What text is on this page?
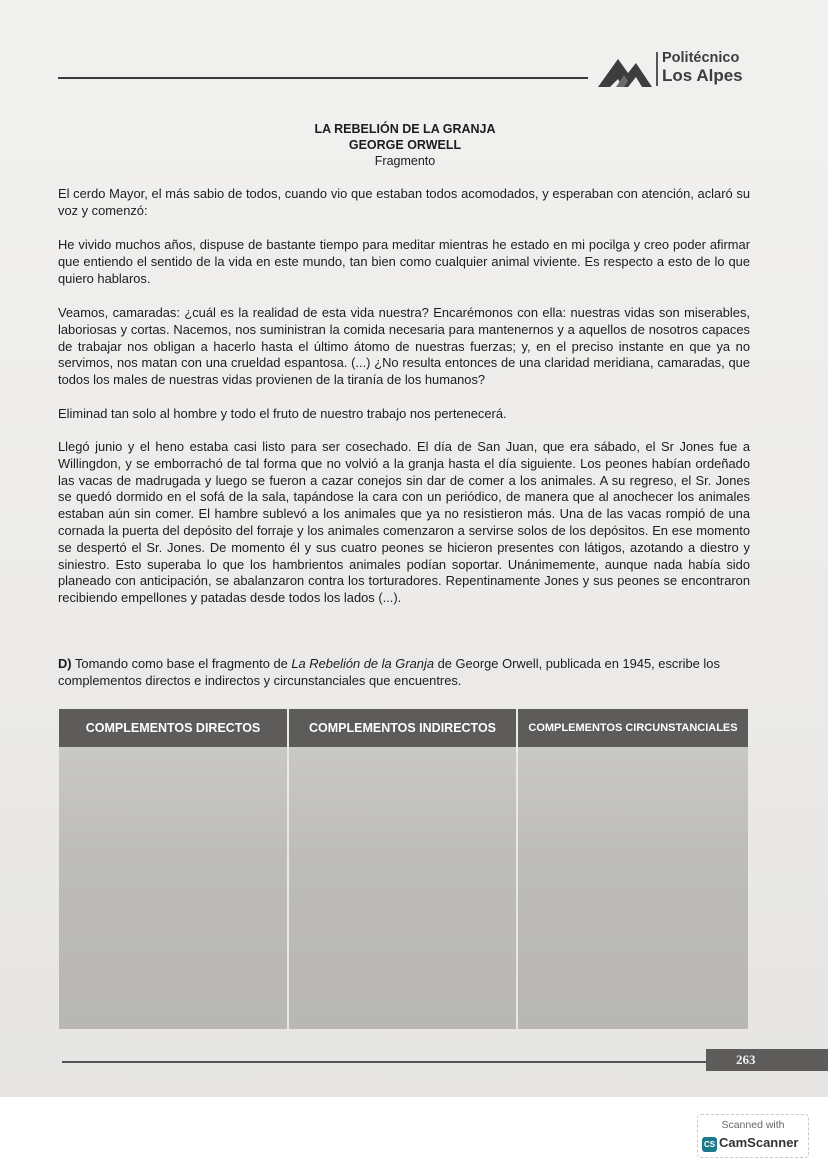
Politécnico
Los Alpes
LA REBELIÓN DE LA GRANJA
GEORGE ORWELL
Fragmento

El cerdo Mayor, el más sabio de todos, cuando vio que estaban todos acomodados, y esperaban con atención, aclaró su voz y comenzó:

He vivido muchos años, dispuse de bastante tiempo para meditar mientras he estado en mi pocilga y creo poder afirmar que entiendo el sentido de la vida en este mundo, tan bien como cualquier animal viviente. Es respecto a esto de lo que quiero hablaros.

Veamos, camaradas: ¿cuál es la realidad de esta vida nuestra? Encarémonos con ella: nuestras vidas son miserables, laboriosas y cortas. Nacemos, nos suministran la comida necesaria para mantenernos y a aquellos de nosotros capaces de trabajar nos obligan a hacerlo hasta el último átomo de nuestras fuerzas; y, en el preciso instante en que ya no servimos, nos matan con una crueldad espantosa. (...) ¿No resulta entonces de una claridad meridiana, camaradas, que todos los males de nuestras vidas provienen de la tiranía de los humanos?

Eliminad tan solo al hombre y todo el fruto de nuestro trabajo nos pertenecerá.

Llegó junio y el heno estaba casi listo para ser cosechado. El día de San Juan, que era sábado, el Sr Jones fue a Willingdon, y se emborrachó de tal forma que no volvió a la granja hasta el día siguiente. Los peones habían ordeñado las vacas de madrugada y luego se fueron a cazar conejos sin dar de comer a los animales. A su regreso, el Sr. Jones se quedó dormido en el sofá de la sala, tapándose la cara con un periódico, de manera que al anochecer los animales estaban aún sin comer. El hambre sublevó a los animales que ya no resistieron más. Una de las vacas rompió de una cornada la puerta del depósito del forraje y los animales comenzaron a servirse solos de los depósitos. En ese momento se despertó el Sr. Jones. De momento él y sus cuatro peones se hicieron presentes con látigos, azotando a diestro y siniestro. Esto superaba lo que los hambrientos animales podían soportar. Unánimemente, aunque nada había sido planeado con anticipación, se abalanzaron contra los torturadores. Repentinamente Jones y sus peones se encontraron recibiendo empellones y patadas desde todos los lados (...).

D) Tomando como base el fragmento de La Rebelión de la Granja de George Orwell, publicada en 1945, escribe los complementos directos e indirectos y circunstanciales que encuentres.
COMPLEMENTOS DIRECTOS	COMPLEMENTOS INDIRECTOS	COMPLEMENTOS CIRCUNSTANCIALES
263
Scanned with
CS CamScanner
